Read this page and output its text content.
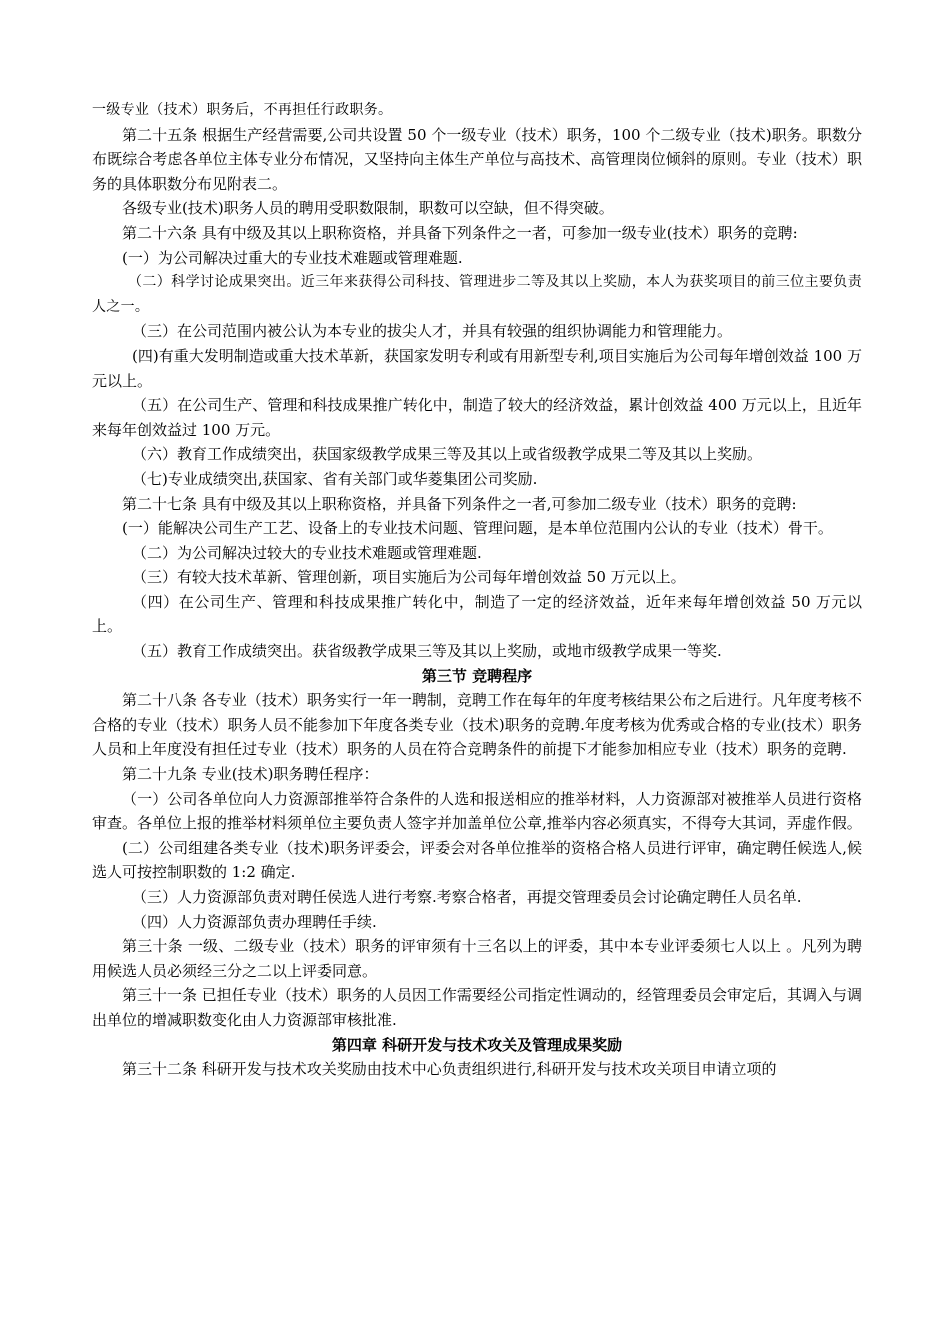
一级专业（技术）职务后，不再担任行政职务。

第二十五条 根据生产经营需要,公司共设置 50 个一级专业（技术）职务，100 个二级专业（技术)职务。职数分布既综合考虑各单位主体专业分布情况，又坚持向主体生产单位与高技术、高管理岗位倾斜的原则。专业（技术）职务的具体职数分布见附表二。

各级专业(技术)职务人员的聘用受职数限制，职数可以空缺，但不得突破。

第二十六条 具有中级及其以上职称资格，并具备下列条件之一者，可参加一级专业(技术）职务的竞聘:

(一）为公司解决过重大的专业技术难题或管理难题.

（二）科学讨论成果突出。近三年来获得公司科技、管理进步二等及其以上奖励，本人为获奖项目的前三位主要负责人之一。

（三）在公司范围内被公认为本专业的拔尖人才，并具有较强的组织协调能力和管理能力。

(四)有重大发明制造或重大技术革新，获国家发明专利或有用新型专利,项目实施后为公司每年增创效益 100 万元以上。

（五）在公司生产、管理和科技成果推广转化中，制造了较大的经济效益，累计创效益 400 万元以上，且近年来每年创效益过 100 万元。

（六）教育工作成绩突出，获国家级教学成果三等及其以上或省级教学成果二等及其以上奖励。

（七)专业成绩突出,获国家、省有关部门或华菱集团公司奖励.

第二十七条 具有中级及其以上职称资格，并具备下列条件之一者,可参加二级专业（技术）职务的竞聘:

(一）能解决公司生产工艺、设备上的专业技术问题、管理问题，是本单位范围内公认的专业（技术）骨干。

（二）为公司解决过较大的专业技术难题或管理难题.

（三）有较大技术革新、管理创新，项目实施后为公司每年增创效益 50 万元以上。

（四）在公司生产、管理和科技成果推广转化中，制造了一定的经济效益，近年来每年增创效益 50 万元以上。

（五）教育工作成绩突出。获省级教学成果三等及其以上奖励，或地市级教学成果一等奖.

第三节 竞聘程序

第二十八条 各专业（技术）职务实行一年一聘制，竞聘工作在每年的年度考核结果公布之后进行。凡年度考核不合格的专业（技术）职务人员不能参加下年度各类专业（技术)职务的竞聘.年度考核为优秀或合格的专业(技术）职务人员和上年度没有担任过专业（技术）职务的人员在符合竞聘条件的前提下才能参加相应专业（技术）职务的竞聘.

第二十九条 专业(技术)职务聘任程序：

（一）公司各单位向人力资源部推举符合条件的人选和报送相应的推举材料，人力资源部对被推举人员进行资格审查。各单位上报的推举材料须单位主要负责人签字并加盖单位公章,推举内容必须真实，不得夸大其词，弄虚作假。

(二）公司组建各类专业（技术)职务评委会，评委会对各单位推举的资格合格人员进行评审，确定聘任候选人,候选人可按控制职数的 1:2 确定.

（三）人力资源部负责对聘任侯选人进行考察.考察合格者，再提交管理委员会讨论确定聘任人员名单.

（四）人力资源部负责办理聘任手续.

第三十条 一级、二级专业（技术）职务的评审须有十三名以上的评委，其中本专业评委须七人以上 。凡列为聘用候选人员必须经三分之二以上评委同意。

第三十一条 已担任专业（技术）职务的人员因工作需要经公司指定性调动的，经管理委员会审定后，其调入与调出单位的增减职数变化由人力资源部审核批准.

第四章 科研开发与技术攻关及管理成果奖励

第三十二条 科研开发与技术攻关奖励由技术中心负责组织进行,科研开发与技术攻关项目申请立项的
